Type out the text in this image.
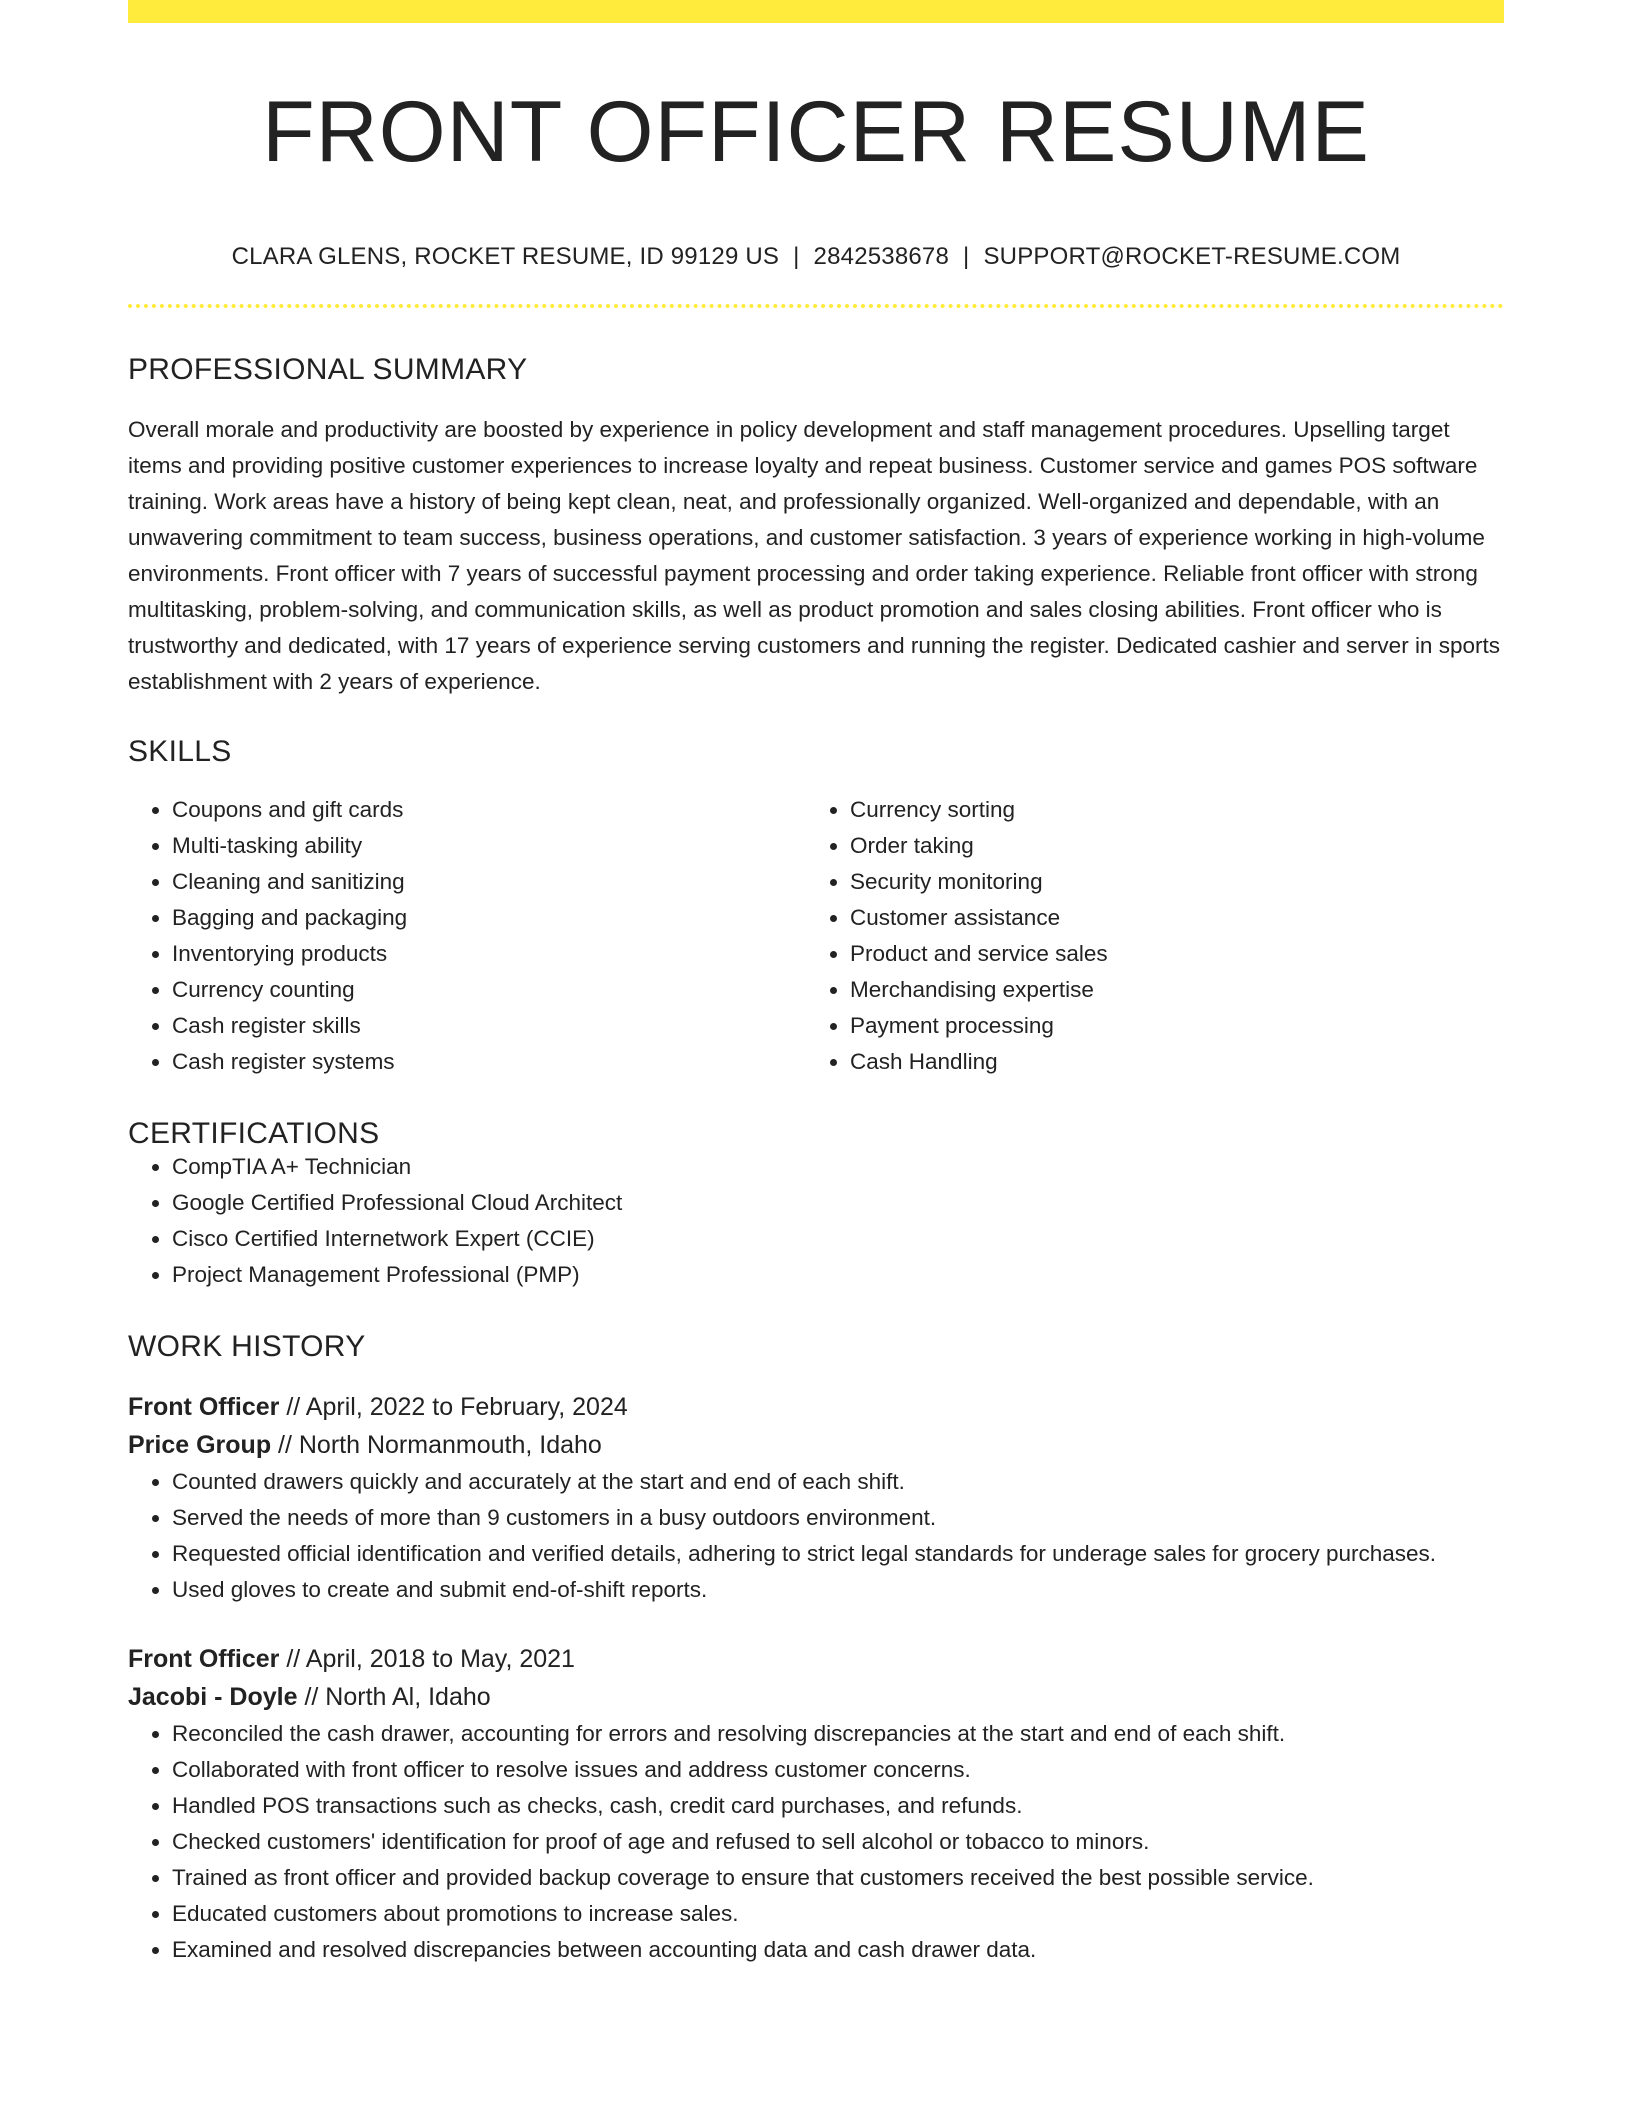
FRONT OFFICER RESUME
CLARA GLENS, ROCKET RESUME, ID 99129 US | 2842538678 | SUPPORT@ROCKET-RESUME.COM
PROFESSIONAL SUMMARY

Overall morale and productivity are boosted by experience in policy development and staff management procedures. Upselling target items and providing positive customer experiences to increase loyalty and repeat business. Customer service and games POS software training. Work areas have a history of being kept clean, neat, and professionally organized. Well-organized and dependable, with an unwavering commitment to team success, business operations, and customer satisfaction. 3 years of experience working in high-volume environments. Front officer with 7 years of successful payment processing and order taking experience. Reliable front officer with strong multitasking, problem-solving, and communication skills, as well as product promotion and sales closing abilities. Front officer who is trustworthy and dedicated, with 17 years of experience serving customers and running the register. Dedicated cashier and server in sports establishment with 2 years of experience.

SKILLS
• Coupons and gift cards
• Multi-tasking ability
• Cleaning and sanitizing
• Bagging and packaging
• Inventorying products
• Currency counting
• Cash register skills
• Cash register systems
• Currency sorting
• Order taking
• Security monitoring
• Customer assistance
• Product and service sales
• Merchandising expertise
• Payment processing
• Cash Handling
CERTIFICATIONS
• CompTIA A+ Technician
• Google Certified Professional Cloud Architect
• Cisco Certified Internetwork Expert (CCIE)
• Project Management Professional (PMP)
WORK HISTORY
Front Officer // April, 2022 to February, 2024
Price Group // North Normanmouth, Idaho
• Counted drawers quickly and accurately at the start and end of each shift.
• Served the needs of more than 9 customers in a busy outdoors environment.
• Requested official identification and verified details, adhering to strict legal standards for underage sales for grocery purchases.
• Used gloves to create and submit end-of-shift reports.
Front Officer // April, 2018 to May, 2021
Jacobi - Doyle // North Al, Idaho
• Reconciled the cash drawer, accounting for errors and resolving discrepancies at the start and end of each shift.
• Collaborated with front officer to resolve issues and address customer concerns.
• Handled POS transactions such as checks, cash, credit card purchases, and refunds.
• Checked customers' identification for proof of age and refused to sell alcohol or tobacco to minors.
• Trained as front officer and provided backup coverage to ensure that customers received the best possible service.
• Educated customers about promotions to increase sales.
• Examined and resolved discrepancies between accounting data and cash drawer data.
